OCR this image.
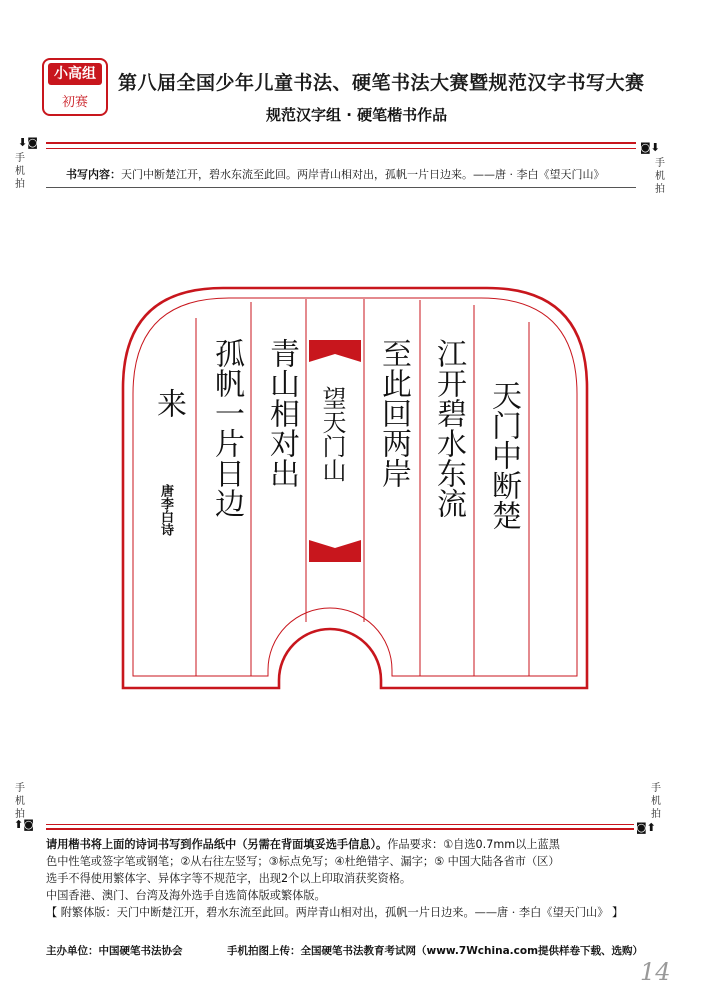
小高组
初赛
第八届全国少年儿童书法、硬笔书法大赛暨规范汉字书写大赛
规范汉字组 · 硬笔楷书作品
⬇◙	◙⬇
手机拍
手机拍
书写内容：天门中断楚江开，碧水东流至此回。两岸青山相对出，孤帆一片日边来。——唐 · 李白《望天门山》
天门中断楚
江开碧水东流
至此回两岸
望天门山
青山相对出
孤帆一片日边
来
唐李白诗
手机拍
手机拍
⬆◙	◙⬆
请用楷书将上面的诗词书写到作品纸中（另需在背面填妥选手信息）。作品要求：①自选0.7mm以上蓝黑
色中性笔或签字笔或钢笔；②从右往左竖写；③标点免写；④杜绝错字、漏字；⑤ 中国大陆各省市（区）
选手不得使用繁体字、异体字等不规范字，出现2个以上印取消获奖资格。
中国香港、澳门、台湾及海外选手自选简体版或繁体版。
【 附繁体版：天门中断楚江开，碧水东流至此回。两岸青山相对出，孤帆一片日边来。——唐 · 李白《望天门山》 】
主办单位：中国硬笔书法协会	手机拍图上传：全国硬笔书法教育考试网（www.7Wchina.com提供样卷下载、选购）
14
